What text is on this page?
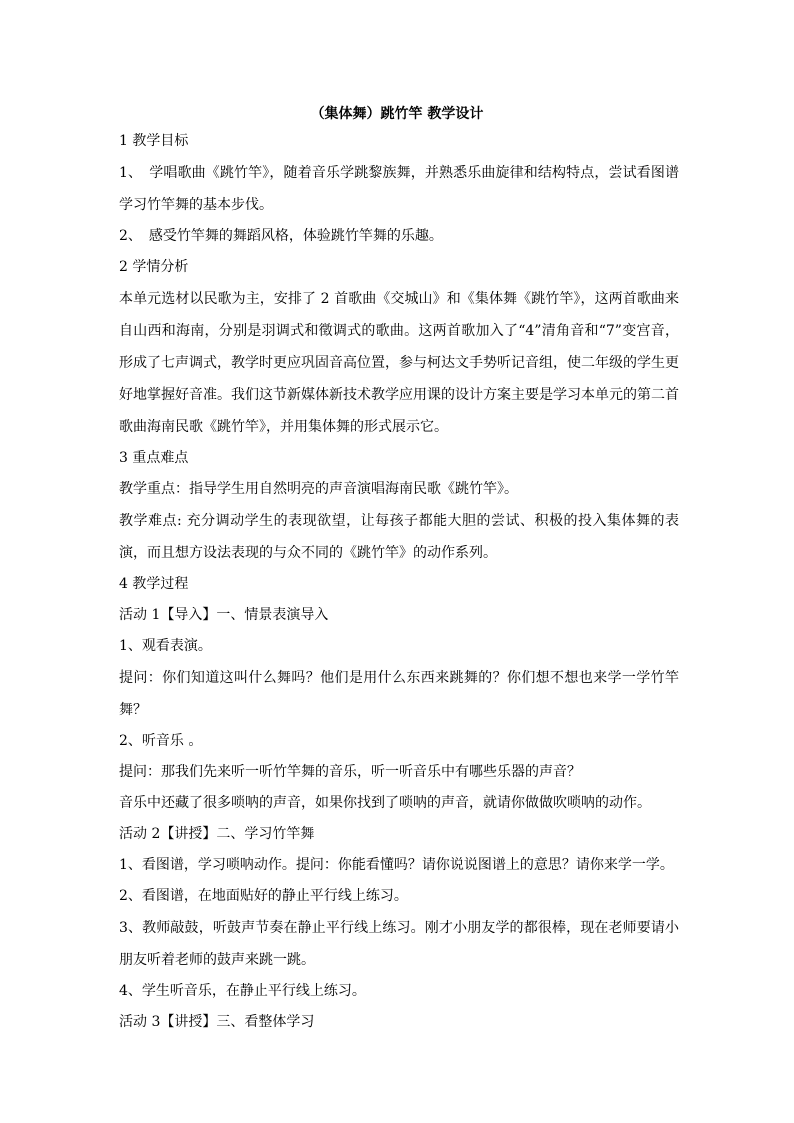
（集体舞）跳竹竿 教学设计

1 教学目标

1、　学唱歌曲《跳竹竿》，随着音乐学跳黎族舞，并熟悉乐曲旋律和结构特点，尝试看图谱学习竹竿舞的基本步伐。

2、　感受竹竿舞的舞蹈风格，体验跳竹竿舞的乐趣。

2 学情分析

本单元选材以民歌为主，安排了 2 首歌曲《交城山》和《集体舞《跳竹竿》，这两首歌曲来自山西和海南，分别是羽调式和徵调式的歌曲。这两首歌加入了“4”清角音和“7”变宫音，形成了七声调式，教学时更应巩固音高位置，参与柯达文手势听记音组，使二年级的学生更好地掌握好音准。我们这节新媒体新技术教学应用课的设计方案主要是学习本单元的第二首歌曲海南民歌《跳竹竿》，并用集体舞的形式展示它。

3 重点难点

教学重点：指导学生用自然明亮的声音演唱海南民歌《跳竹竿》。

教学难点: 充分调动学生的表现欲望，让每孩子都能大胆的尝试、积极的投入集体舞的表演，而且想方设法表现的与众不同的《跳竹竿》的动作系列。

4 教学过程

活动 1【导入】一、情景表演导入

1、观看表演。

提问：你们知道这叫什么舞吗？他们是用什么东西来跳舞的？你们想不想也来学一学竹竿舞？

2、听音乐 。

提问：那我们先来听一听竹竿舞的音乐，听一听音乐中有哪些乐器的声音？

音乐中还藏了很多唢呐的声音，如果你找到了唢呐的声音，就请你做做吹唢呐的动作。

活动 2【讲授】二、学习竹竿舞

1、看图谱，学习唢呐动作。提问：你能看懂吗？请你说说图谱上的意思？请你来学一学。

2、看图谱，在地面贴好的静止平行线上练习。

3、教师敲鼓，听鼓声节奏在静止平行线上练习。刚才小朋友学的都很棒，现在老师要请小朋友听着老师的鼓声来跳一跳。

4、学生听音乐，在静止平行线上练习。

活动 3【讲授】三、看整体学习
